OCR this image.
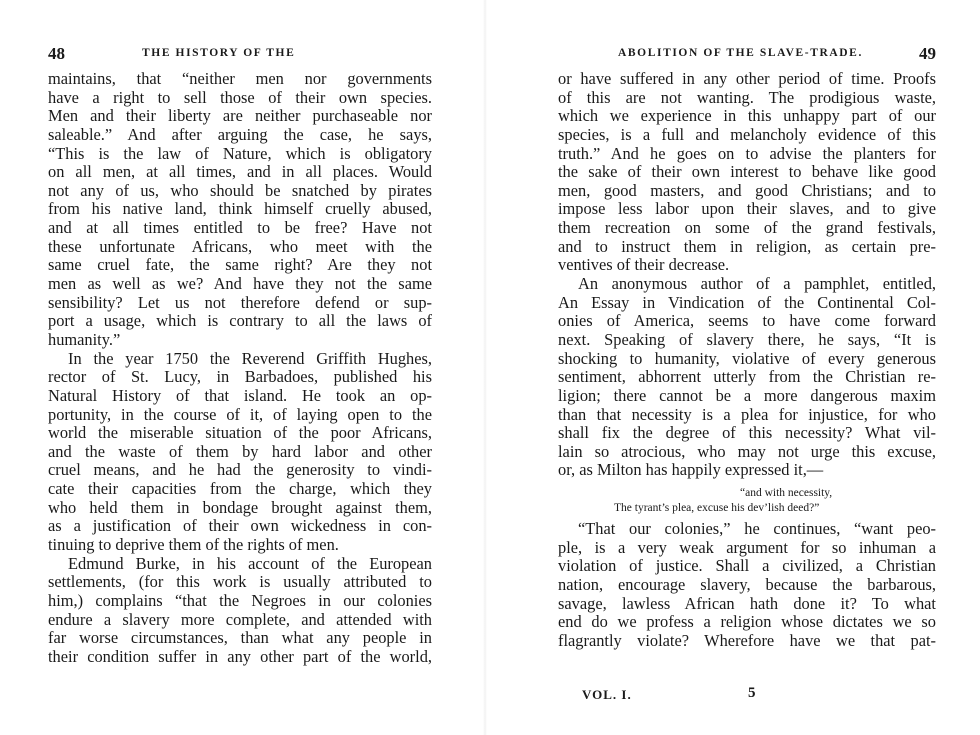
48	THE HISTORY OF THE
maintains, that “neither men nor governments
have a right to sell those of their own species.
Men and their liberty are neither purchaseable nor
saleable.” And after arguing the case, he says,
“This is the law of Nature, which is obligatory
on all men, at all times, and in all places. Would
not any of us, who should be snatched by pirates
from his native land, think himself cruelly abused,
and at all times entitled to be free? Have not
these unfortunate Africans, who meet with the
same cruel fate, the same right? Are they not
men as well as we? And have they not the same
sensibility? Let us not therefore defend or sup-
port a usage, which is contrary to all the laws of
humanity.”
In the year 1750 the Reverend Griffith Hughes,
rector of St. Lucy, in Barbadoes, published his
Natural History of that island. He took an op-
portunity, in the course of it, of laying open to the
world the miserable situation of the poor Africans,
and the waste of them by hard labor and other
cruel means, and he had the generosity to vindi-
cate their capacities from the charge, which they
who held them in bondage brought against them,
as a justification of their own wickedness in con-
tinuing to deprive them of the rights of men.
Edmund Burke, in his account of the European
settlements, (for this work is usually attributed to
him,) complains “that the Negroes in our colonies
endure a slavery more complete, and attended with
far worse circumstances, than what any people in
their condition suffer in any other part of the world,
ABOLITION OF THE SLAVE-TRADE.	49
or have suffered in any other period of time. Proofs
of this are not wanting. The prodigious waste,
which we experience in this unhappy part of our
species, is a full and melancholy evidence of this
truth.” And he goes on to advise the planters for
the sake of their own interest to behave like good
men, good masters, and good Christians; and to
impose less labor upon their slaves, and to give
them recreation on some of the grand festivals,
and to instruct them in religion, as certain pre-
ventives of their decrease.
An anonymous author of a pamphlet, entitled,
An Essay in Vindication of the Continental Col-
onies of America, seems to have come forward
next. Speaking of slavery there, he says, “It is
shocking to humanity, violative of every generous
sentiment, abhorrent utterly from the Christian re-
ligion; there cannot be a more dangerous maxim
than that necessity is a plea for injustice, for who
shall fix the degree of this necessity? What vil-
lain so atrocious, who may not urge this excuse,
or, as Milton has happily expressed it,—
“and with necessity,
The tyrant’s plea, excuse his dev’lish deed?”
“That our colonies,” he continues, “want peo-
ple, is a very weak argument for so inhuman a
violation of justice. Shall a civilized, a Christian
nation, encourage slavery, because the barbarous,
savage, lawless African hath done it? To what
end do we profess a religion whose dictates we so
flagrantly violate? Wherefore have we that pat-
VOL. I.	5
